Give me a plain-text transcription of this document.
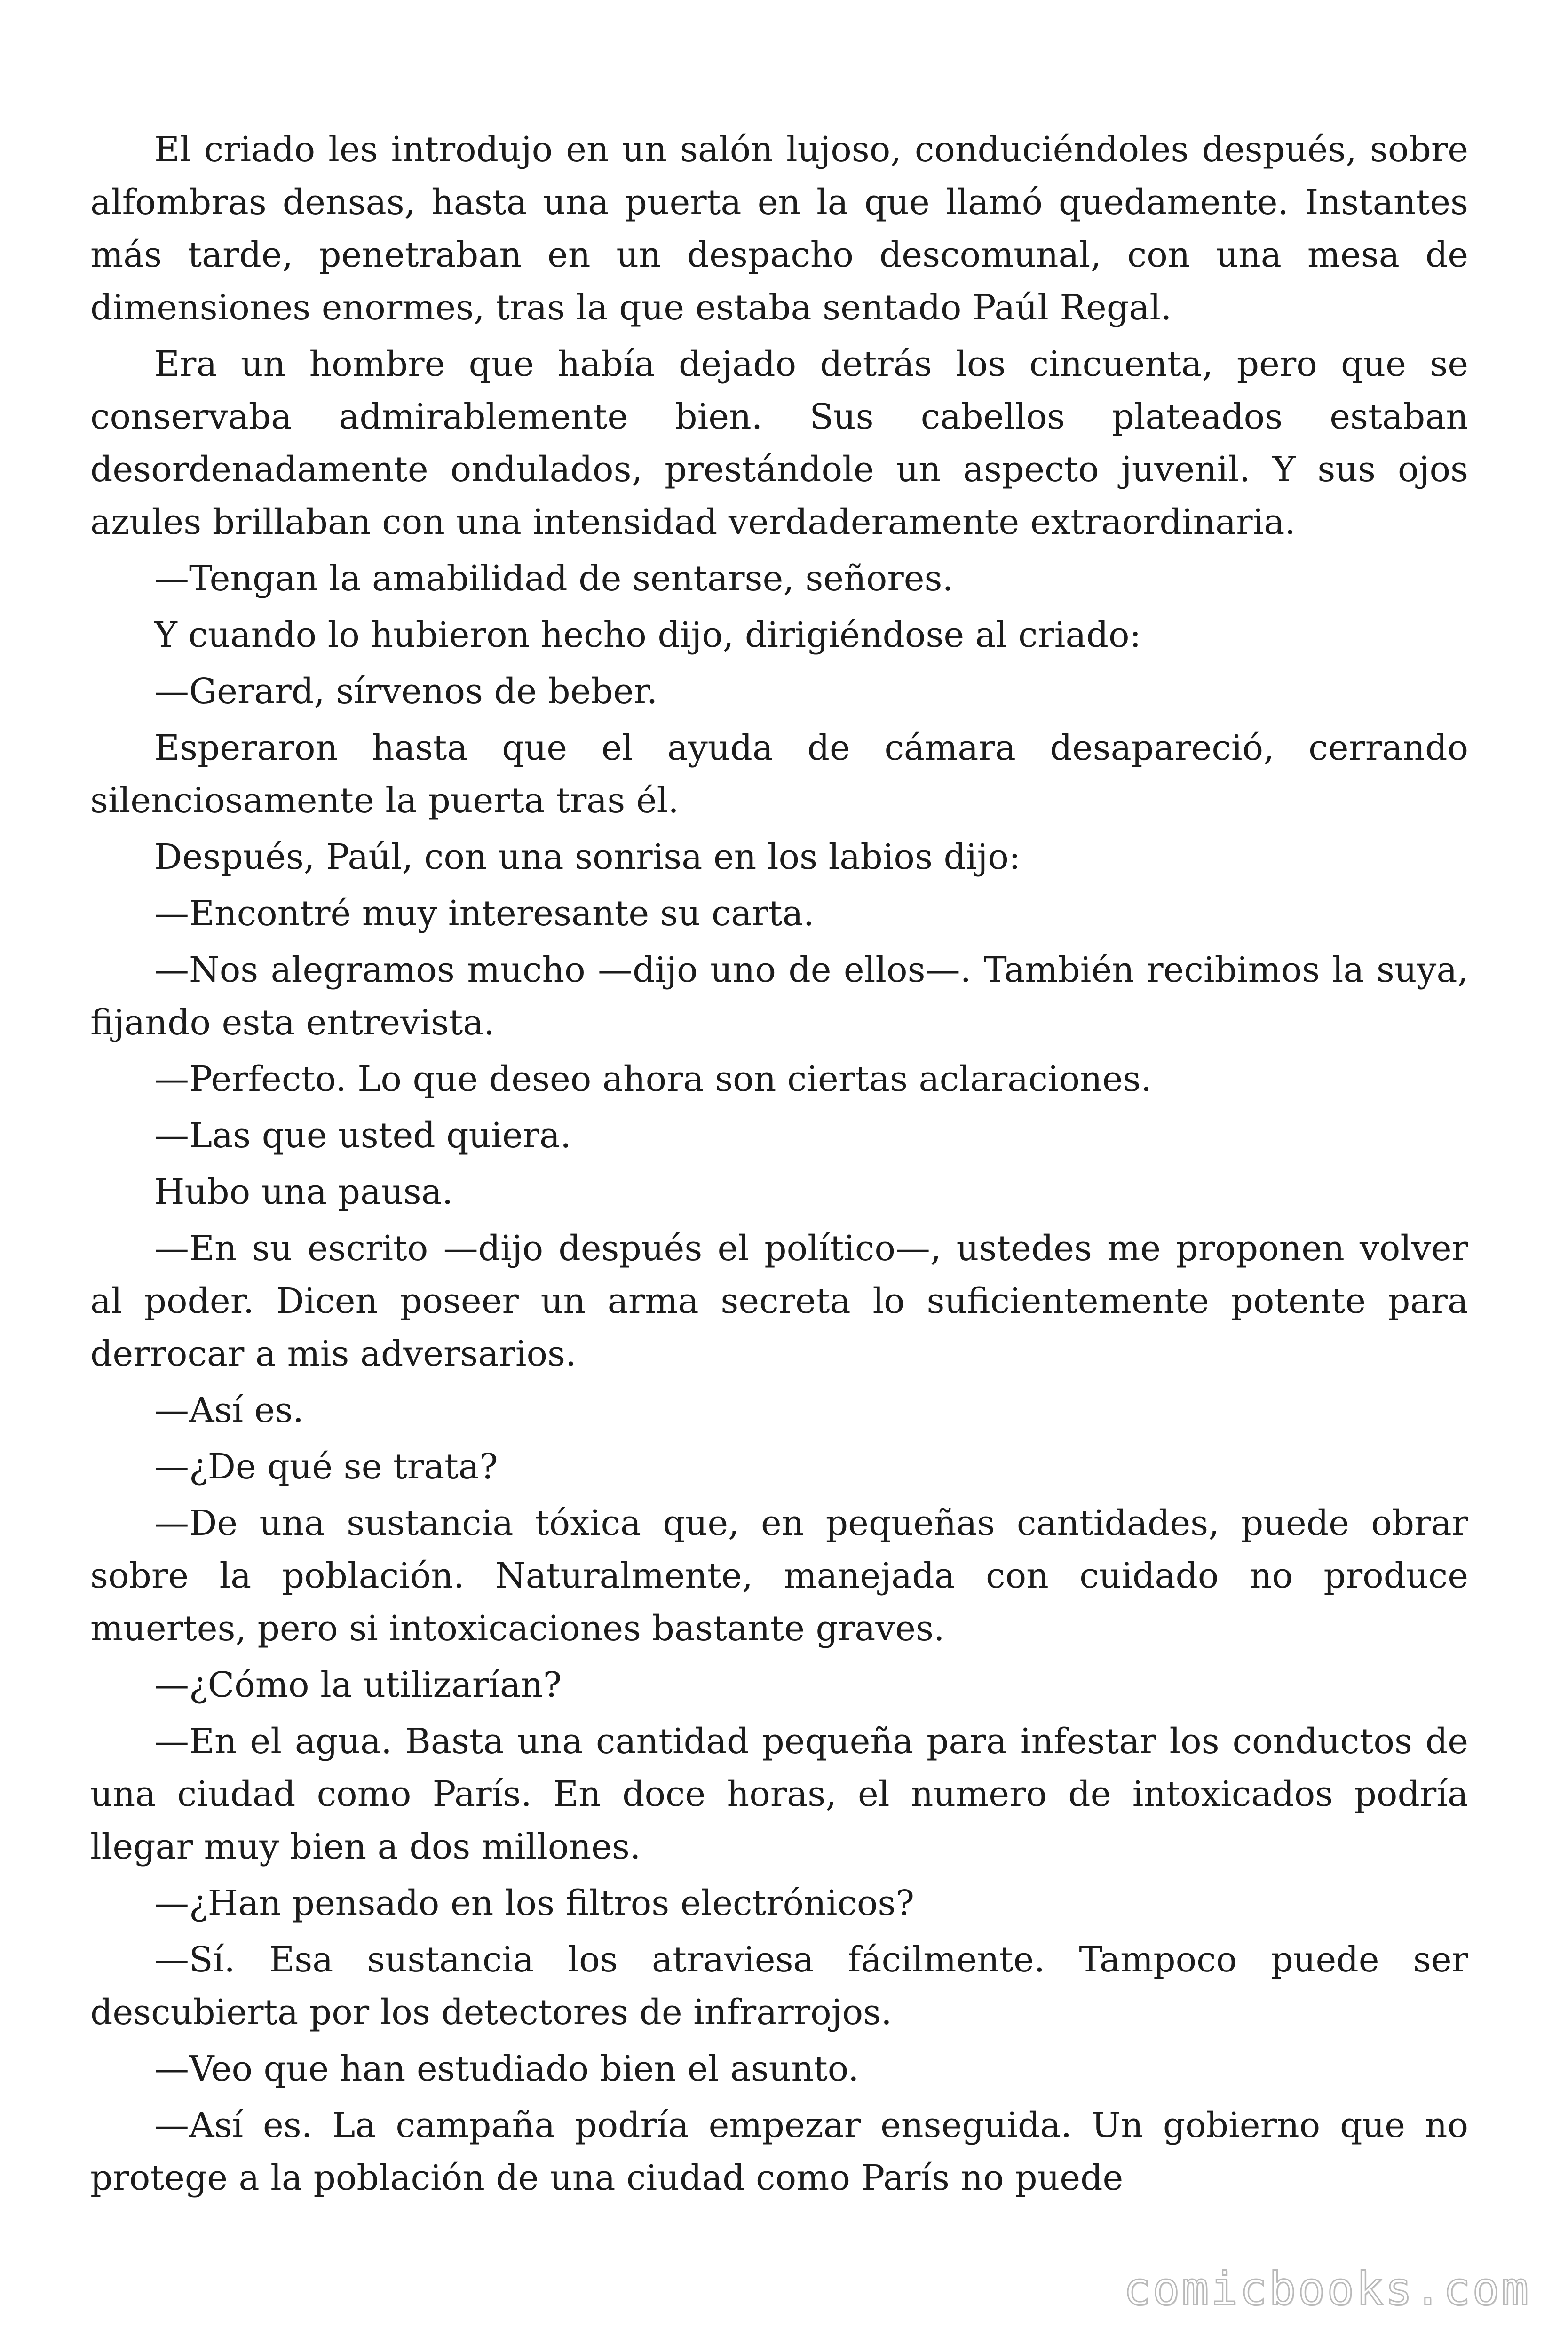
El criado les introdujo en un salón lujoso, conduciéndoles después, sobre alfombras densas, hasta una puerta en la que llamó quedamente. Instantes más tarde, penetraban en un despacho descomunal, con una mesa de dimensiones enormes, tras la que estaba sentado Paúl Regal.

Era un hombre que había dejado detrás los cincuenta, pero que se conservaba admirablemente bien. Sus cabellos plateados estaban desordenadamente ondulados, prestándole un aspecto juvenil. Y sus ojos azules brillaban con una intensidad verdaderamente extraordinaria.

—Tengan la amabilidad de sentarse, señores.

Y cuando lo hubieron hecho dijo, dirigiéndose al criado:

—Gerard, sírvenos de beber.

Esperaron hasta que el ayuda de cámara desapareció, cerrando silenciosamente la puerta tras él.

Después, Paúl, con una sonrisa en los labios dijo:

—Encontré muy interesante su carta.

—Nos alegramos mucho —dijo uno de ellos—. También recibimos la suya, fijando esta entrevista.

—Perfecto. Lo que deseo ahora son ciertas aclaraciones.

—Las que usted quiera.

Hubo una pausa.

—En su escrito —dijo después el político—, ustedes me proponen volver al poder. Dicen poseer un arma secreta lo suficientemente potente para derrocar a mis adversarios.

—Así es.

—¿De qué se trata?

—De una sustancia tóxica que, en pequeñas cantidades, puede obrar sobre la población. Naturalmente, manejada con cuidado no produce muertes, pero si intoxicaciones bastante graves.

—¿Cómo la utilizarían?

—En el agua. Basta una cantidad pequeña para infestar los conductos de una ciudad como París. En doce horas, el numero de intoxicados podría llegar muy bien a dos millones.

—¿Han pensado en los filtros electrónicos?

—Sí. Esa sustancia los atraviesa fácilmente. Tampoco puede ser descubierta por los detectores de infrarrojos.

—Veo que han estudiado bien el asunto.

—Así es. La campaña podría empezar enseguida. Un gobierno que no protege a la población de una ciudad como París no puede

comicbooks.com
